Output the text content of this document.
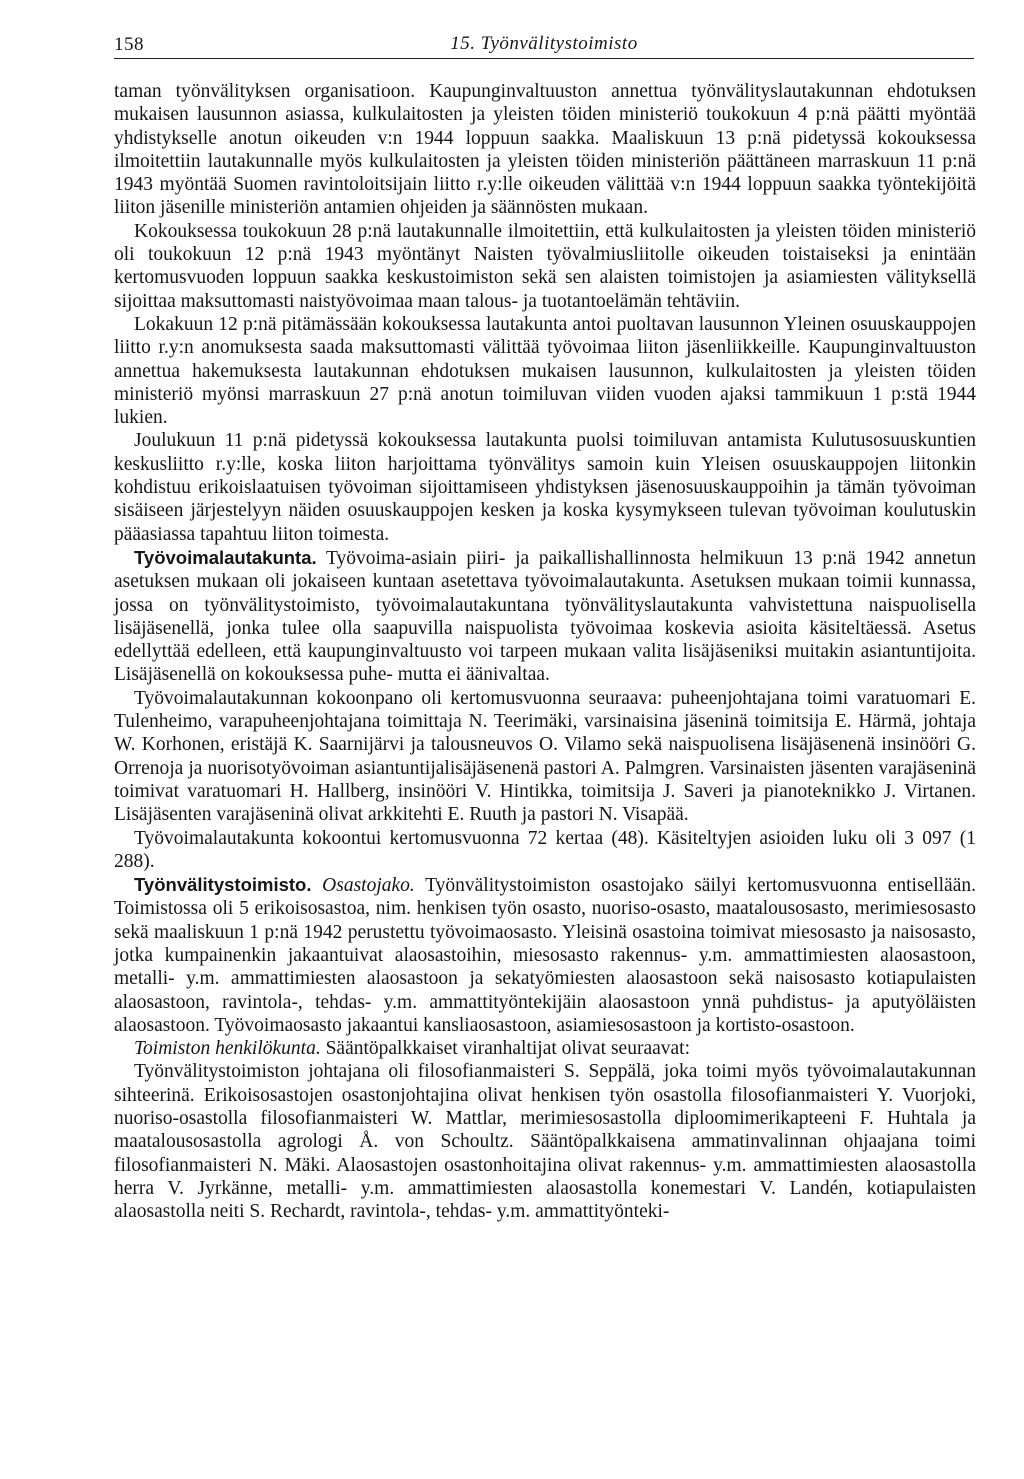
158	15. Työnvälitystoimisto

taman työnvälityksen organisatioon. Kaupunginvaltuuston annettua työnvälityslautakunnan ehdotuksen mukaisen lausunnon asiassa, kulkulaitosten ja yleisten töiden ministeriö toukokuun 4 p:nä päätti myöntää yhdistykselle anotun oikeuden v:n 1944 loppuun saakka. Maaliskuun 13 p:nä pidetyssä kokouksessa ilmoitettiin lautakunnalle myös kulkulaitosten ja yleisten töiden ministeriön päättäneen marraskuun 11 p:nä 1943 myöntää Suomen ravintoloitsijain liitto r.y:lle oikeuden välittää v:n 1944 loppuun saakka työntekijöitä liiton jäsenille ministeriön antamien ohjeiden ja säännösten mukaan.

Kokouksessa toukokuun 28 p:nä lautakunnalle ilmoitettiin, että kulkulaitosten ja yleisten töiden ministeriö oli toukokuun 12 p:nä 1943 myöntänyt Naisten työvalmiusliitolle oikeuden toistaiseksi ja enintään kertomusvuoden loppuun saakka keskustoimiston sekä sen alaisten toimistojen ja asiamiesten välityksellä sijoittaa maksuttomasti naistyövoimaa maan talous- ja tuotantoelämän tehtäviin.

Lokakuun 12 p:nä pitämässään kokouksessa lautakunta antoi puoltavan lausunnon Yleinen osuuskauppojen liitto r.y:n anomuksesta saada maksuttomasti välittää työvoimaa liiton jäsenliikkeille. Kaupunginvaltuuston annettua hakemuksesta lautakunnan ehdotuksen mukaisen lausunnon, kulkulaitosten ja yleisten töiden ministeriö myönsi marraskuun 27 p:nä anotun toimiluvan viiden vuoden ajaksi tammikuun 1 p:stä 1944 lukien.

Joulukuun 11 p:nä pidetyssä kokouksessa lautakunta puolsi toimiluvan antamista Kulutusosuuskuntien keskusliitto r.y:lle, koska liiton harjoittama työnvälitys samoin kuin Yleisen osuuskauppojen liitonkin kohdistuu erikoislaatuisen työvoiman sijoittamiseen yhdistyksen jäsenosuuskauppoihin ja tämän työvoiman sisäiseen järjestelyyn näiden osuuskauppojen kesken ja koska kysymykseen tulevan työvoiman koulutuskin pääasiassa tapahtuu liiton toimesta.

Työvoimalautakunta. Työvoima-asiain piiri- ja paikallishallinnosta helmikuun 13 p:nä 1942 annetun asetuksen mukaan oli jokaiseen kuntaan asetettava työvoimalautakunta. Asetuksen mukaan toimii kunnassa, jossa on työnvälitystoimisto, työvoimalautakuntana työnvälityslautakunta vahvistettuna naispuolisella lisäjäsenellä, jonka tulee olla saapuvilla naispuolista työvoimaa koskevia asioita käsiteltäessä. Asetus edellyttää edelleen, että kaupunginvaltuusto voi tarpeen mukaan valita lisäjäseniksi muitakin asiantuntijoita. Lisäjäsenellä on kokouksessa puhe- mutta ei äänivaltaa.

Työvoimalautakunnan kokoonpano oli kertomusvuonna seuraava: puheenjohtajana toimi varatuomari E. Tulenheimo, varapuheenjohtajana toimittaja N. Teerimäki, varsinaisina jäseninä toimitsija E. Härmä, johtaja W. Korhonen, eristäjä K. Saarnijärvi ja talousneuvos O. Vilamo sekä naispuolisena lisäjäsenenä insinööri G. Orrenoja ja nuorisotyövoiman asiantuntijalisäjäsenenä pastori A. Palmgren. Varsinaisten jäsenten varajäseninä toimivat varatuomari H. Hallberg, insinööri V. Hintikka, toimitsija J. Saveri ja pianoteknikko J. Virtanen. Lisäjäsenten varajäseninä olivat arkkitehti E. Ruuth ja pastori N. Visapää.

Työvoimalautakunta kokoontui kertomusvuonna 72 kertaa (48). Käsiteltyjen asioiden luku oli 3 097 (1 288).

Työnvälitystoimisto. Osastojako. Työnvälitystoimiston osastojako säilyi kertomusvuonna entisellään. Toimistossa oli 5 erikoisosastoa, nim. henkisen työn osasto, nuoriso-osasto, maatalousosasto, merimiesosasto sekä maaliskuun 1 p:nä 1942 perustettu työvoimaosasto. Yleisinä osastoina toimivat miesosasto ja naisosasto, jotka kumpainenkin jakaantuivat alaosastoihin, miesosasto rakennus- y.m. ammattimiesten alaosastoon, metalli- y.m. ammattimiesten alaosastoon ja sekatyömiesten alaosastoon sekä naisosasto kotiapulaisten alaosastoon, ravintola-, tehdas- y.m. ammattityöntekijäin alaosastoon ynnä puhdistus- ja aputyöläisten alaosastoon. Työvoimaosasto jakaantui kansliaosastoon, asiamiesosastoon ja kortisto-osastoon.

Toimiston henkilökunta. Sääntöpalkkaiset viranhaltijat olivat seuraavat:

Työnvälitystoimiston johtajana oli filosofianmaisteri S. Seppälä, joka toimi myös työvoimalautakunnan sihteerinä. Erikoisosastojen osastonjohtajina olivat henkisen työn osastolla filosofianmaisteri Y. Vuorjoki, nuoriso-osastolla filosofianmaisteri W. Mattlar, merimiesosastolla diploomimerikapteeni F. Huhtala ja maatalousosastolla agrologi Å. von Schoultz. Sääntöpalkkaisena ammatinvalinnan ohjaajana toimi filosofianmaisteri N. Mäki. Alaosastojen osastonhoitajina olivat rakennus- y.m. ammattimiesten alaosastolla herra V. Jyrkänne, metalli- y.m. ammattimiesten alaosastolla konemestari V. Landén, kotiapulaisten alaosastolla neiti S. Rechardt, ravintola-, tehdas- y.m. ammattityönteki-
